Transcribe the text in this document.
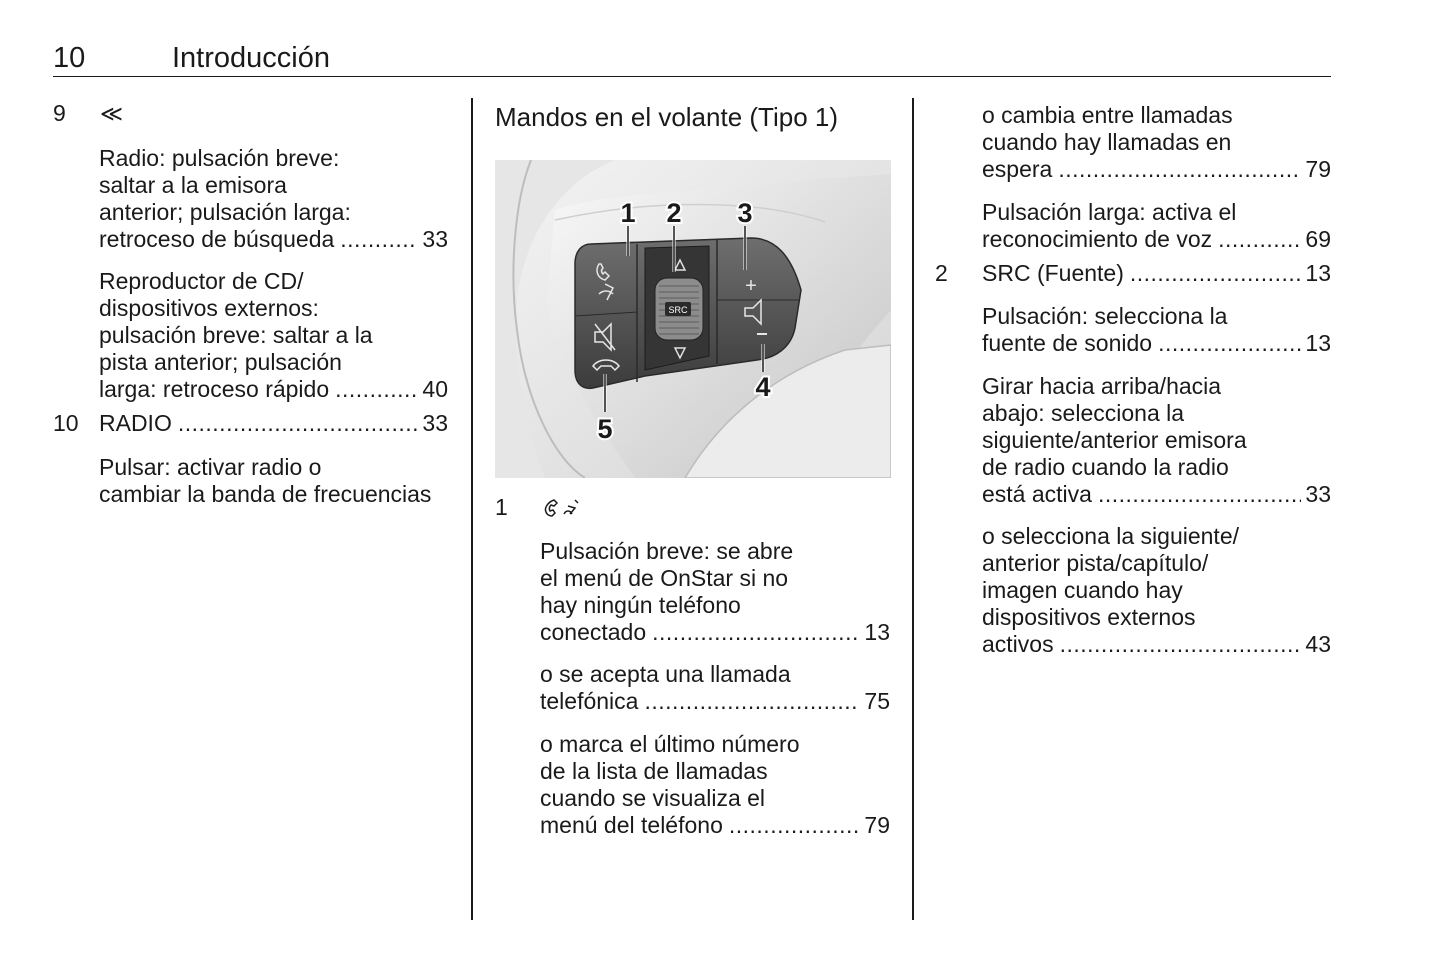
10	Introducción
9 ≪
Radio: pulsación breve:
saltar a la emisora
anterior; pulsación larga:
retroceso de búsqueda .....	33
Reproductor de CD/
dispositivos externos:
pulsación breve: saltar a la
pista anterior; pulsación
larga: retroceso rápido .....	40
10 RADIO .....	33
Pulsar: activar radio o
cambiar la banda de frecuencias
Mandos en el volante (Tipo 1)
SRC
+
1 2 3
4
5
1
Pulsación breve: se abre
el menú de OnStar si no
hay ningún teléfono
conectado .....	13
o se acepta una llamada
telefónica .....	75
o marca el último número
de la lista de llamadas
cuando se visualiza el
menú del teléfono .....	79
o cambia entre llamadas
cuando hay llamadas en
espera .....	79
Pulsación larga: activa el
reconocimiento de voz .....	69
2 SRC (Fuente) .....	13
Pulsación: selecciona la
fuente de sonido .....	13
Girar hacia arriba/hacia
abajo: selecciona la
siguiente/anterior emisora
de radio cuando la radio
está activa .....	33
o selecciona la siguiente/
anterior pista/capítulo/
imagen cuando hay
dispositivos externos
activos .....	43
